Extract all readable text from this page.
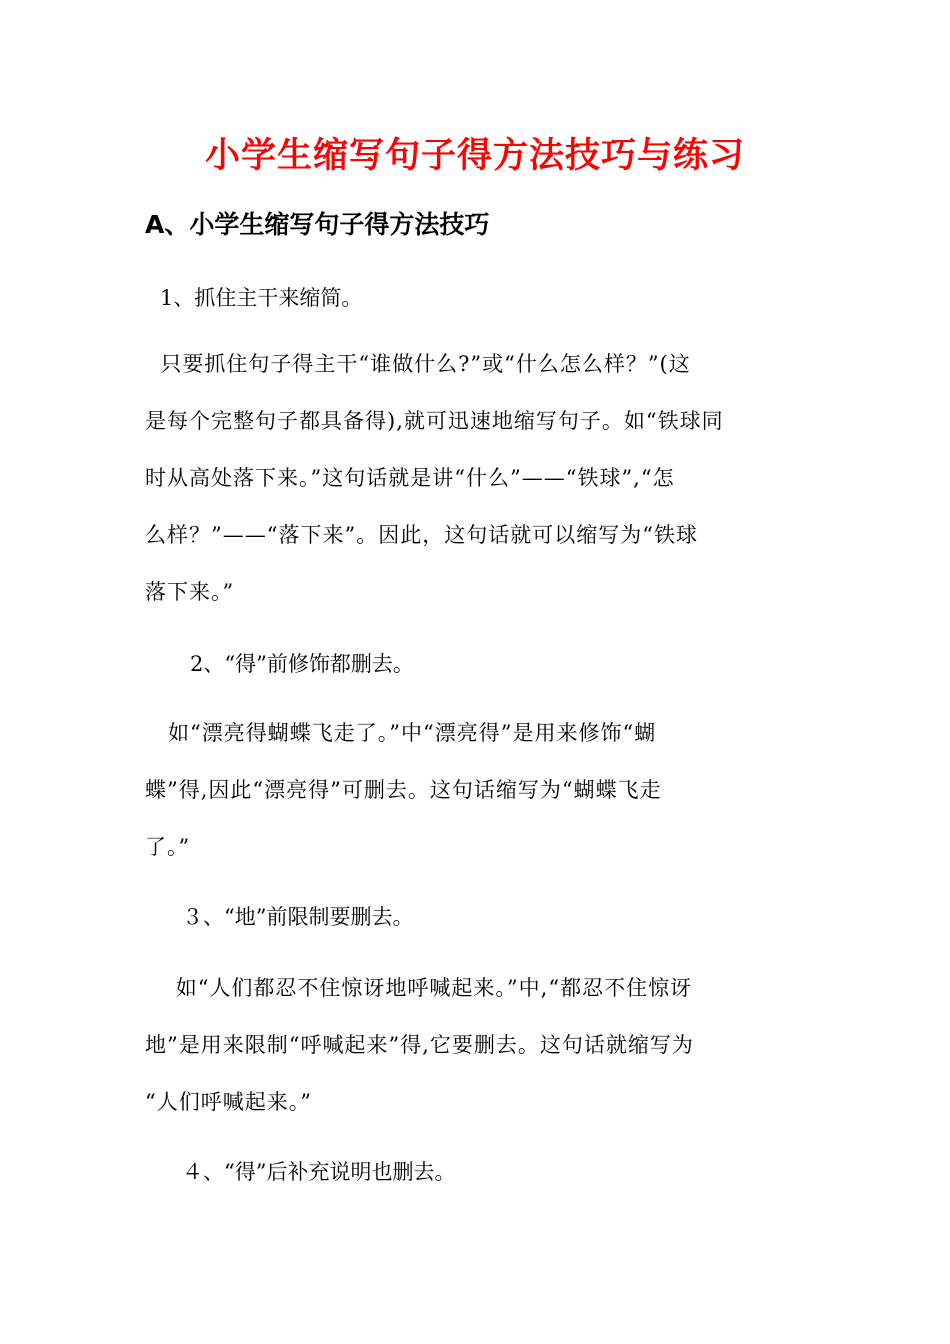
小学生缩写句子得方法技巧与练习
A、小学生缩写句子得方法技巧

1、抓住主干来缩简。

只要抓住句子得主干“谁做什么?”或“什么怎么样？”(这
是每个完整句子都具备得),就可迅速地缩写句子。如“铁球同
时从高处落下来。”这句话就是讲“什么”——“铁球”,“怎
么样？”——“落下来”。因此，这句话就可以缩写为“铁球
落下来。”

2、“得”前修饰都删去。

如“漂亮得蝴蝶飞走了。”中“漂亮得”是用来修饰“蝴
蝶”得,因此“漂亮得”可删去。这句话缩写为“蝴蝶飞走
了。”

３、“地”前限制要删去。

如“人们都忍不住惊讶地呼喊起来。”中,“都忍不住惊讶
地”是用来限制“呼喊起来”得,它要删去。这句话就缩写为
“人们呼喊起来。”

４、“得”后补充说明也删去。
